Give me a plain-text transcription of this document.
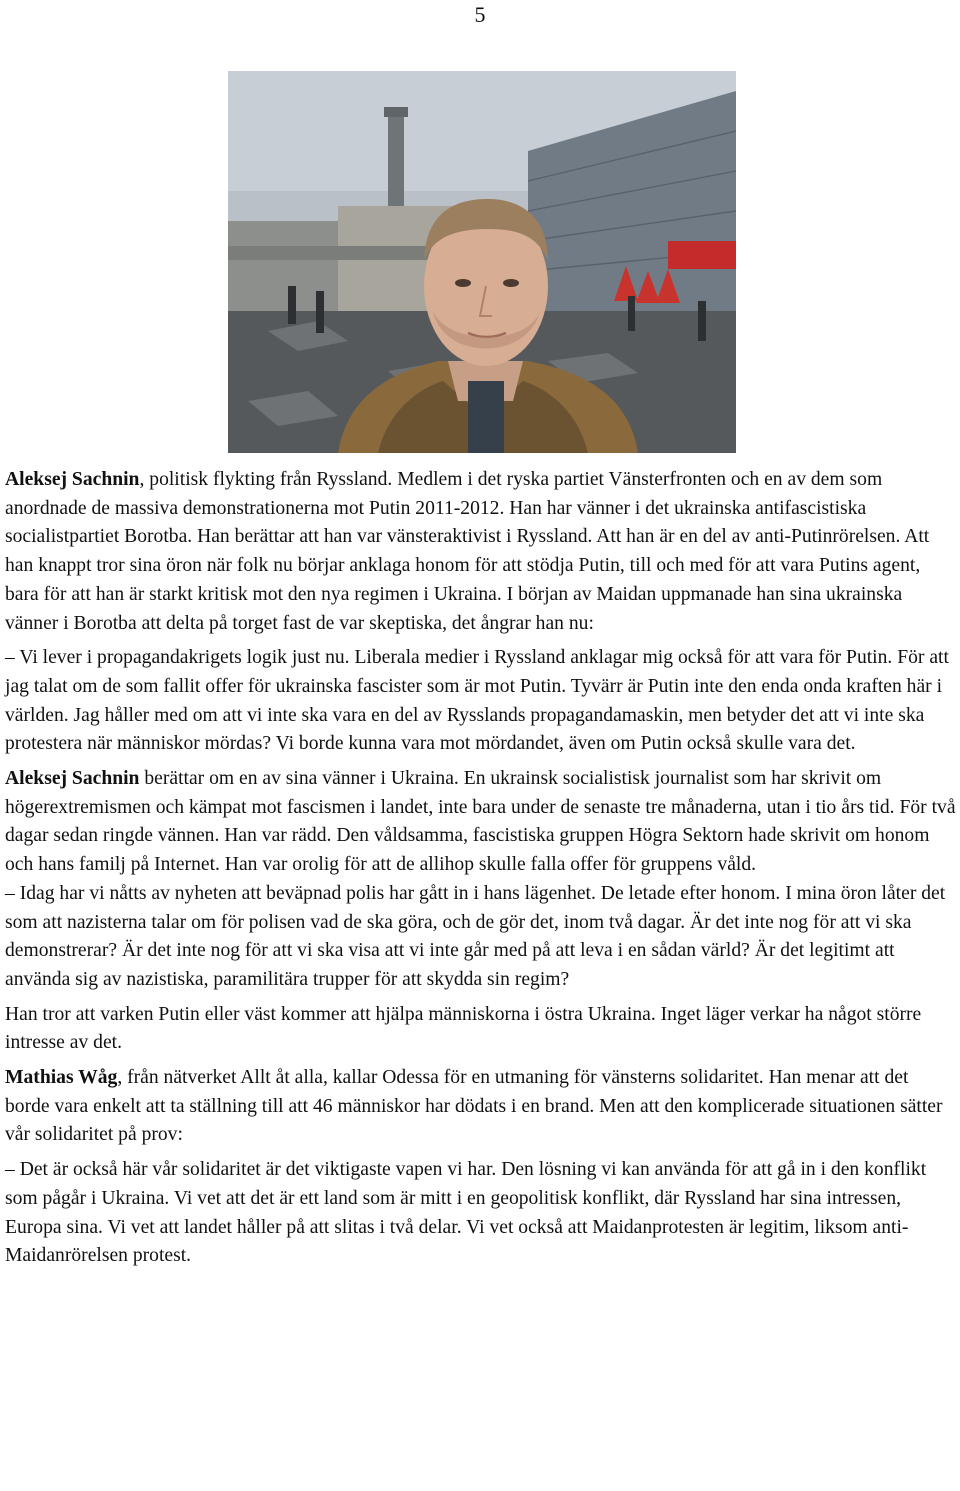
5

Aleksej Sachnin, politisk flykting från Ryssland. Medlem i det ryska partiet Vänsterfronten och en av dem som anordnade de massiva demonstrationerna mot Putin 2011-2012. Han har vänner i det ukrainska antifascistiska socialistpartiet Borotba. Han berättar att han var vänsteraktivist i Ryssland. Att han är en del av anti-Putinrörelsen. Att han knappt tror sina öron när folk nu börjar anklaga honom för att stödja Putin, till och med för att vara Putins agent, bara för att han är starkt kritisk mot den nya regimen i Ukraina. I början av Maidan uppmanade han sina ukrainska vänner i Borotba att delta på torget fast de var skeptiska, det ångrar han nu:

– Vi lever i propagandakrigets logik just nu. Liberala medier i Ryssland anklagar mig också för att vara för Putin. För att jag talat om de som fallit offer för ukrainska fascister som är mot Putin. Tyvärr är Putin inte den enda onda kraften här i världen. Jag håller med om att vi inte ska vara en del av Rysslands propagandamaskin, men betyder det att vi inte ska protestera när människor mördas? Vi borde kunna vara mot mördandet, även om Putin också skulle vara det.

Aleksej Sachnin berättar om en av sina vänner i Ukraina. En ukrainsk socialistisk journalist som har skrivit om högerextremismen och kämpat mot fascismen i landet, inte bara under de senaste tre månaderna, utan i tio års tid. För två dagar sedan ringde vännen. Han var rädd. Den våldsamma, fascistiska gruppen Högra Sektorn hade skrivit om honom och hans familj på Internet. Han var orolig för att de allihop skulle falla offer för gruppens våld.

– Idag har vi nåtts av nyheten att beväpnad polis har gått in i hans lägenhet. De letade efter honom. I mina öron låter det som att nazisterna talar om för polisen vad de ska göra, och de gör det, inom två dagar. Är det inte nog för att vi ska demonstrerar? Är det inte nog för att vi ska visa att vi inte går med på att leva i en sådan värld? Är det legitimt att använda sig av nazistiska, paramilitära trupper för att skydda sin regim?

Han tror att varken Putin eller väst kommer att hjälpa människorna i östra Ukraina. Inget läger verkar ha något större intresse av det.

Mathias Wåg, från nätverket Allt åt alla, kallar Odessa för en utmaning för vänsterns solidaritet. Han menar att det borde vara enkelt att ta ställning till att 46 människor har dödats i en brand. Men att den komplicerade situationen sätter vår solidaritet på prov:

– Det är också här vår solidaritet är det viktigaste vapen vi har. Den lösning vi kan använda för att gå in i den konflikt som pågår i Ukraina. Vi vet att det är ett land som är mitt i en geopolitisk konflikt, där Ryssland har sina intressen, Europa sina. Vi vet att landet håller på att slitas i två delar. Vi vet också att Maidanprotesten är legitim, liksom anti-Maidanrörelsen protest.
